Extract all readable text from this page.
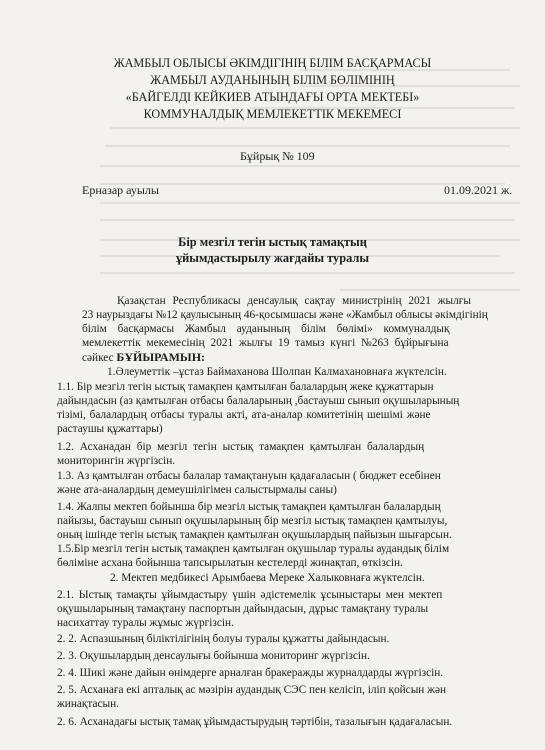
ЖАМБЫЛ ОБЛЫСЫ ӘКІМДІГІНІҢ БІЛІМ БАСҚАРМАСЫ
ЖАМБЫЛ АУДАНЫНЫҢ БІЛІМ БӨЛІМІНІҢ
«БАЙГЕЛДІ КЕЙКИЕВ АТЫНДАҒЫ ОРТА МЕКТЕБІ»
КОММУНАЛДЫҚ МЕМЛЕКЕТТІК МЕКЕМЕСІ
Бұйрық № 109
Ерназар ауылы	01.09.2021 ж.
Бір мезгіл тегін ыстық тамақтың
ұйымдастырылу жағдайы туралы
Қазақстан Республикасы денсаулық сақтау министрінің 2021 жылғы
23 наурыздағы №12 қаулысының 46-қосымшасы және «Жамбыл облысы әкімдігінің
білім басқармасы Жамбыл ауданының білім бөлімі» коммуналдық
мемлекеттік мекемесінің 2021 жылғы 19 тамыз күнгі №263 бұйрығына
сәйкес БҰЙЫРАМЫН:
1.Әлеуметтік –ұстаз Баймаханова Шолпан Калмахановнаға жүктелсін.
1.1. Бір мезгіл тегін ыстық тамақпен қамтылған балалардың жеке құжаттарын
дайындасын (аз қамтылған отбасы балаларының ,бастауыш сынып оқушыларының
тізімі, балалардың отбасы туралы акті, ата-аналар комитетінің шешімі және
растаушы құжаттары)
1.2. Асханадан бір мезгіл тегін ыстық тамақпен қамтылған балалардың
мониторингін жүргізсін.
1.3. Аз қамтылған отбасы балалар тамақтануын қадағаласын ( бюджет есебінен
және ата-аналардың демеушілігімен салыстырмалы саны)
1.4. Жалпы мектеп бойынша бір мезгіл ыстық тамақпен қамтылған балалардың
пайызы, бастауыш сынып оқушыларының бір мезгіл ыстық тамақпен қамтылуы,
оның ішінде тегін ыстық тамақпен қамтылған оқушылардың пайызын шығарсын.
1.5.Бір мезгіл тегін ыстық тамақпен қамтылған оқушылар туралы аудандық білім
бөліміне асхана бойынша тапсырылатын кестелерді жинақтап, өткізсін.
2. Мектеп медбикесі Арымбаева Мереке Халыковнаға жүктелсін.
2.1. Ыстық тамақты ұйымдастыру үшін әдістемелік ұсыныстары мен мектеп
оқушыларының тамақтану паспортын дайындасын, дұрыс тамақтану туралы
насихаттау туралы жұмыс жүргізсін.
2. 2. Аспазшының біліктілігінің болуы туралы құжатты дайындасын.
2. 3. Оқушылардың денсаулығы бойынша мониторинг жүргізсін.
2. 4. Шикі және дайын өнімдерге арналған бракеражды журналдарды жүргізсін.
2. 5. Асханаға екі апталық ас мәзірін аудандық СЭС пен келісіп, іліп қойсын жән
жинақтасын.
2. 6. Асханадағы ыстық тамақ ұйымдастырудың тәртібін, тазалығын қадағаласын.
